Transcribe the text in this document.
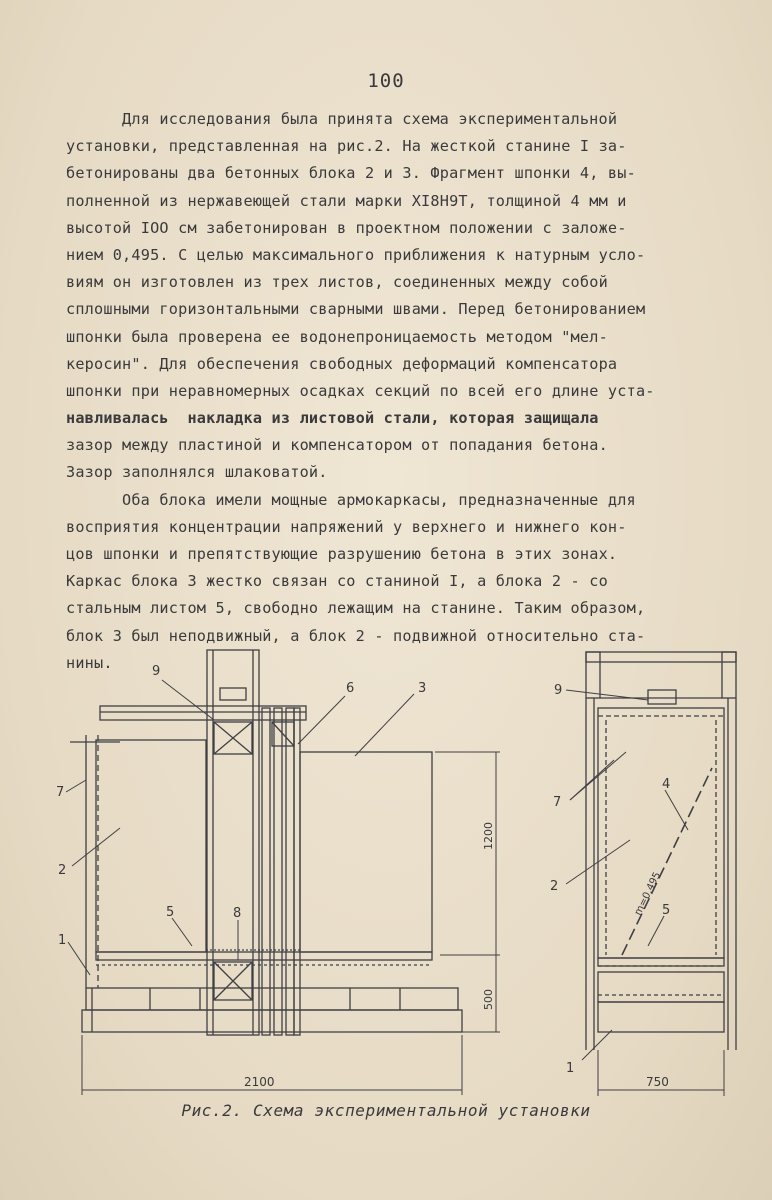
100
Для исследования была принята схема экспериментальной
установки, представленная на рис.2. На жесткой станине I за-
бетонированы два бетонных блока 2 и 3. Фрагмент шпонки 4, вы-
полненной из нержавеющей стали марки XI8H9T, толщиной 4 мм и
высотой IOO см забетонирован в проектном положении с заложе-
нием 0,495. С целью максимального приближения к натурным усло-
виям он изготовлен из трех листов, соединенных между собой
сплошными горизонтальными сварными швами. Перед бетонированием
шпонки была проверена ее водонепроницаемость методом "мел-
керосин". Для обеспечения свободных деформаций компенсатора
шпонки при неравномерных осадках секций по всей его длине уста-
навливалась  накладка из листовой стали, которая защищала
зазор между пластиной и компенсатором от попадания бетона.
Зазор заполнялся шлаковатой.
Оба блока имели мощные армокаркасы, предназначенные для
восприятия концентрации напряжений у верхнего и нижнего кон-
цов шпонки и препятствующие разрушению бетона в этих зонах.
Каркас блока 3 жестко связан со станиной I, а блока 2 - со
стальным листом 5, свободно лежащим на станине. Таким образом,
блок 3 был неподвижный, а блок 2 - подвижной относительно ста-
нины.	9
6	3
7
2
5	8
1
1200
500
2100
9
7
4
2
5
1
m=0,495
750
Рис.2. Схема экспериментальной установки
